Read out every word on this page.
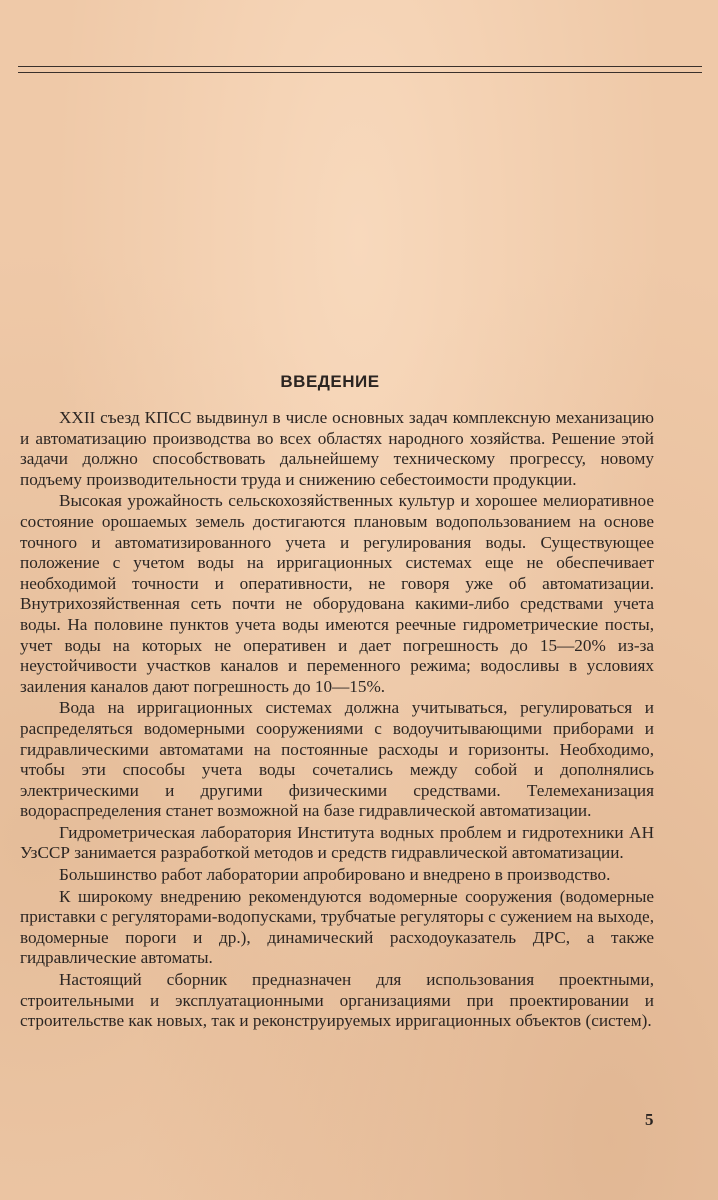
ВВЕДЕНИЕ

XXII съезд КПСС выдвинул в числе основных задач комплексную механизацию и автоматизацию производства во всех областях народного хозяйства. Решение этой задачи должно способствовать дальнейшему техническому прогрессу, новому подъему производительности труда и снижению себестоимости продукции.

Высокая урожайность сельскохозяйственных культур и хорошее мелиоративное состояние орошаемых земель достигаются плановым водопользованием на основе точного и автоматизированного учета и регулирования воды. Существующее положение с учетом воды на ирригационных системах еще не обеспечивает необходимой точности и оперативности, не говоря уже об автоматизации. Внутрихозяйственная сеть почти не оборудована какими-либо средствами учета воды. На половине пунктов учета воды имеются реечные гидрометрические посты, учет воды на которых не оперативен и дает погрешность до 15—20% из-за неустойчивости участков каналов и переменного режима; водосливы в условиях заиления каналов дают погрешность до 10—15%.

Вода на ирригационных системах должна учитываться, регулироваться и распределяться водомерными сооружениями с водоучитывающими приборами и гидравлическими автоматами на постоянные расходы и горизонты. Необходимо, чтобы эти способы учета воды сочетались между собой и дополнялись электрическими и другими физическими средствами. Телемеханизация водораспределения станет возможной на базе гидравлической автоматизации.

Гидрометрическая лаборатория Института водных проблем и гидротехники АН УзССР занимается разработкой методов и средств гидравлической автоматизации.

Большинство работ лаборатории апробировано и внедрено в производство.

К широкому внедрению рекомендуются водомерные сооружения (водомерные приставки с регуляторами-водопусками, трубчатые регуляторы с сужением на выходе, водомерные пороги и др.), динамический расходоуказатель ДРС, а также гидравлические автоматы.

Настоящий сборник предназначен для использования проектными, строительными и эксплуатационными организациями при проектировании и строительстве как новых, так и реконструируемых ирригационных объектов (систем).

5
